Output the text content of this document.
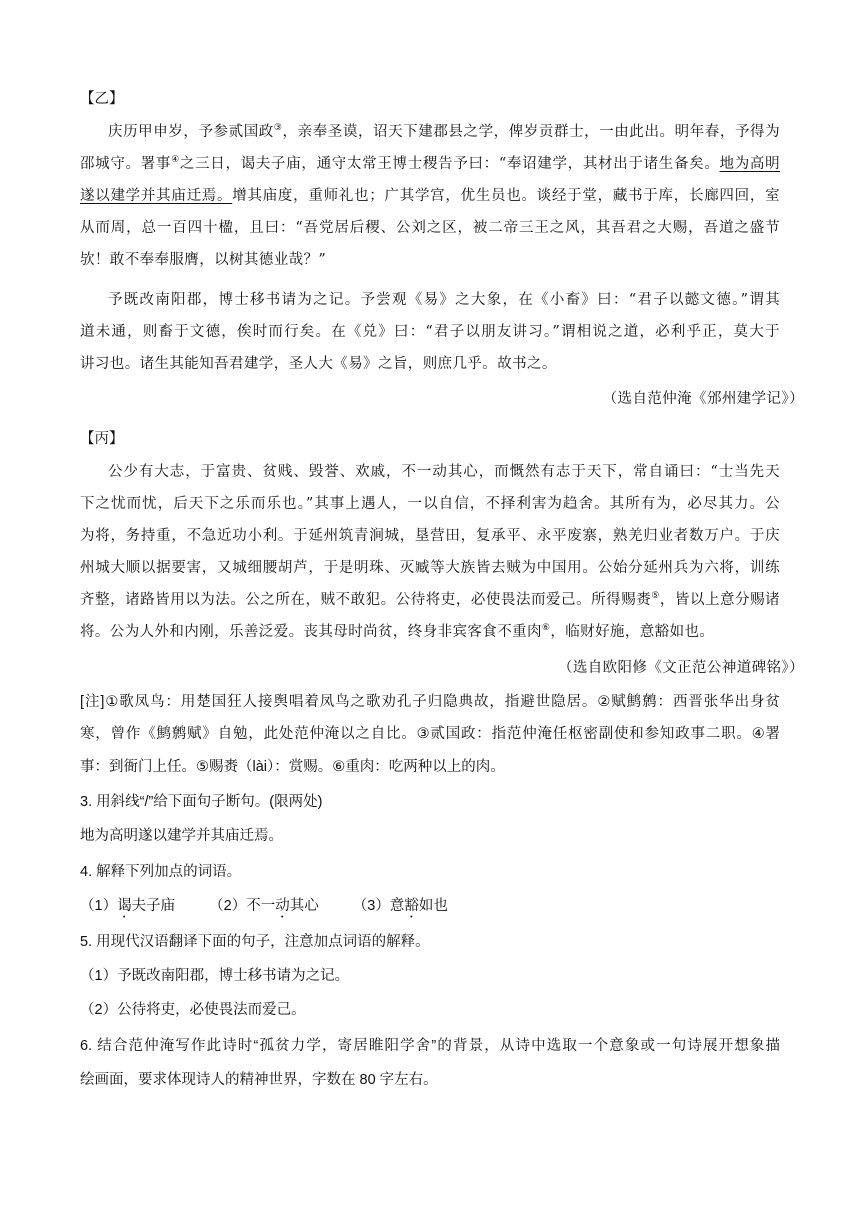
【乙】
庆历甲申岁，予参贰国政③，亲奉圣谟，诏天下建郡县之学，俾岁贡群士，一由此出。明年春，予得为
邵城守。署事④之三日，谒夫子庙，通守太常王博士稷告予曰：“奉诏建学，其材出于诸生备矣。地为高明
遂以建学并其庙迁焉。增其庙度，重师礼也；广其学宫，优生员也。谈经于堂，藏书于库，长廊四回，室
从而周，总一百四十楹，且曰：“吾党居后稷、公刘之区，被二帝三王之风，其吾君之大赐，吾道之盛节
欤！敢不奉奉服膺，以树其德业哉？”
予既改南阳郡，博士移书请为之记。予尝观《易》之大象，在《小畜》曰：“君子以懿文德。”谓其
道未通，则畜于文德，俟时而行矣。在《兑》曰：“君子以朋友讲习。”谓相说之道，必利乎正，莫大于
讲习也。诸生其能知吾君建学，圣人大《易》之旨，则庶几乎。故书之。
（选自范仲淹《邠州建学记》）
【丙】
公少有大志，于富贵、贫贱、毁誉、欢戚，不一动其心，而慨然有志于天下，常自诵曰：“士当先天
下之忧而忧，后天下之乐而乐也。”其事上遇人，一以自信，不择利害为趋舍。其所有为，必尽其力。公
为将，务持重，不急近功小利。于延州筑青涧城，垦营田，复承平、永平废寨，熟羌归业者数万户。于庆
州城大顺以据要害，又城细腰胡芦，于是明珠、灭臧等大族皆去贼为中国用。公始分延州兵为六将，训练
齐整，诸路皆用以为法。公之所在，贼不敢犯。公待将吏，必使畏法而爱己。所得赐赉⑤，皆以上意分赐诸
将。公为人外和内刚，乐善泛爱。丧其母时尚贫，终身非宾客食不重肉⑥，临财好施，意豁如也。
（选自欧阳修《文正范公神道碑铭》）
[注]①歌凤鸟：用楚国狂人接舆唱着凤鸟之歌劝孔子归隐典故，指避世隐居。②赋鹪鹩：西晋张华出身贫
寒，曾作《鹪鹩赋》自勉，此处范仲淹以之自比。③贰国政：指范仲淹任枢密副使和参知政事二职。④署
事：到衙门上任。⑤赐赉（lài）：赏赐。⑥重肉：吃两种以上的肉。
3. 用斜线“/”给下面句子断句。(限两处)
地为高明遂以建学并其庙迁焉。
4. 解释下列加点的词语。
（1）谒夫子庙 （2）不一动其心 （3）意豁如也
5. 用现代汉语翻译下面的句子，注意加点词语的解释。
（1）予既改南阳郡，博士移书请为之记。
（2）公待将吏，必使畏法而爱己。
6. 结合范仲淹写作此诗时“孤贫力学，寄居睢阳学舍”的背景，从诗中选取一个意象或一句诗展开想象描
绘画面，要求体现诗人的精神世界，字数在 80 字左右。
